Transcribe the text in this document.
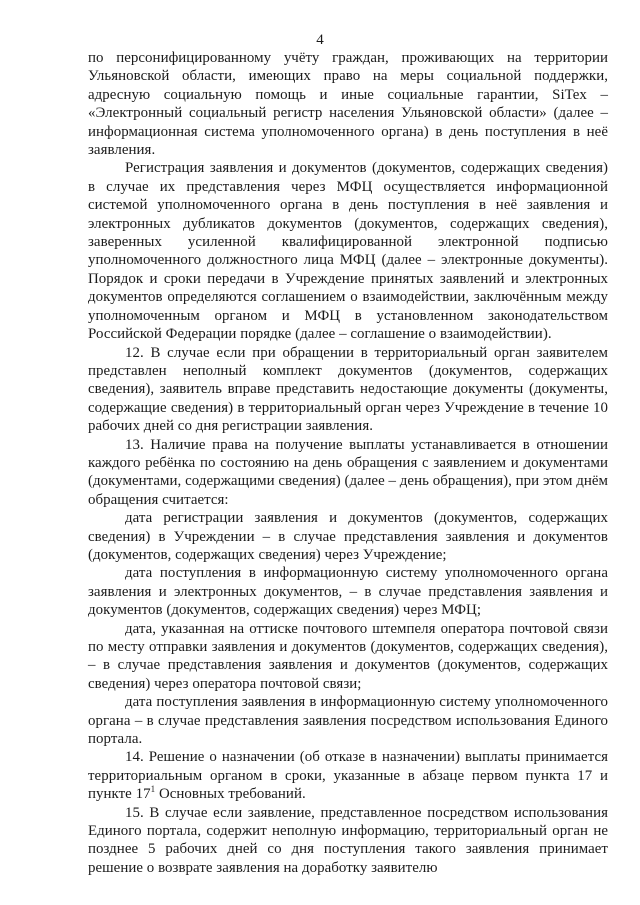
4

по персонифицированному учёту граждан, проживающих на территории Ульяновской области, имеющих право на меры социальной поддержки, адресную социальную помощь и иные социальные гарантии, SiTex – «Электронный социальный регистр населения Ульяновской области» (далее – информационная система уполномоченного органа) в день поступления в неё заявления.

Регистрация заявления и документов (документов, содержащих сведения) в случае их представления через МФЦ осуществляется информационной системой уполномоченного органа в день поступления в неё заявления и электронных дубликатов документов (документов, содержащих сведения), заверенных усиленной квалифицированной электронной подписью уполномоченного должностного лица МФЦ (далее – электронные документы). Порядок и сроки передачи в Учреждение принятых заявлений и электронных документов определяются соглашением о взаимодействии, заключённым между уполномоченным органом и МФЦ в установленном законодательством Российской Федерации порядке (далее – соглашение о взаимодействии).

12. В случае если при обращении в территориальный орган заявителем представлен неполный комплект документов (документов, содержащих сведения), заявитель вправе представить недостающие документы (документы, содержащие сведения) в территориальный орган через Учреждение в течение 10 рабочих дней со дня регистрации заявления.

13. Наличие права на получение выплаты устанавливается в отношении каждого ребёнка по состоянию на день обращения с заявлением и документами (документами, содержащими сведения) (далее – день обращения), при этом днём обращения считается:

дата регистрации заявления и документов (документов, содержащих сведения) в Учреждении – в случае представления заявления и документов (документов, содержащих сведения) через Учреждение;

дата поступления в информационную систему уполномоченного органа заявления и электронных документов, – в случае представления заявления и документов (документов, содержащих сведения) через МФЦ;

дата, указанная на оттиске почтового штемпеля оператора почтовой связи по месту отправки заявления и документов (документов, содержащих сведения), – в случае представления заявления и документов (документов, содержащих сведения) через оператора почтовой связи;

дата поступления заявления в информационную систему уполномоченного органа – в случае представления заявления посредством использования Единого портала.

14. Решение о назначении (об отказе в назначении) выплаты принимается территориальным органом в сроки, указанные в абзаце первом пункта 17 и пункте $17^1$ Основных требований.

15. В случае если заявление, представленное посредством использования Единого портала, содержит неполную информацию, территориальный орган не позднее 5 рабочих дней со дня поступления такого заявления принимает решение о возврате заявления на доработку заявителю
